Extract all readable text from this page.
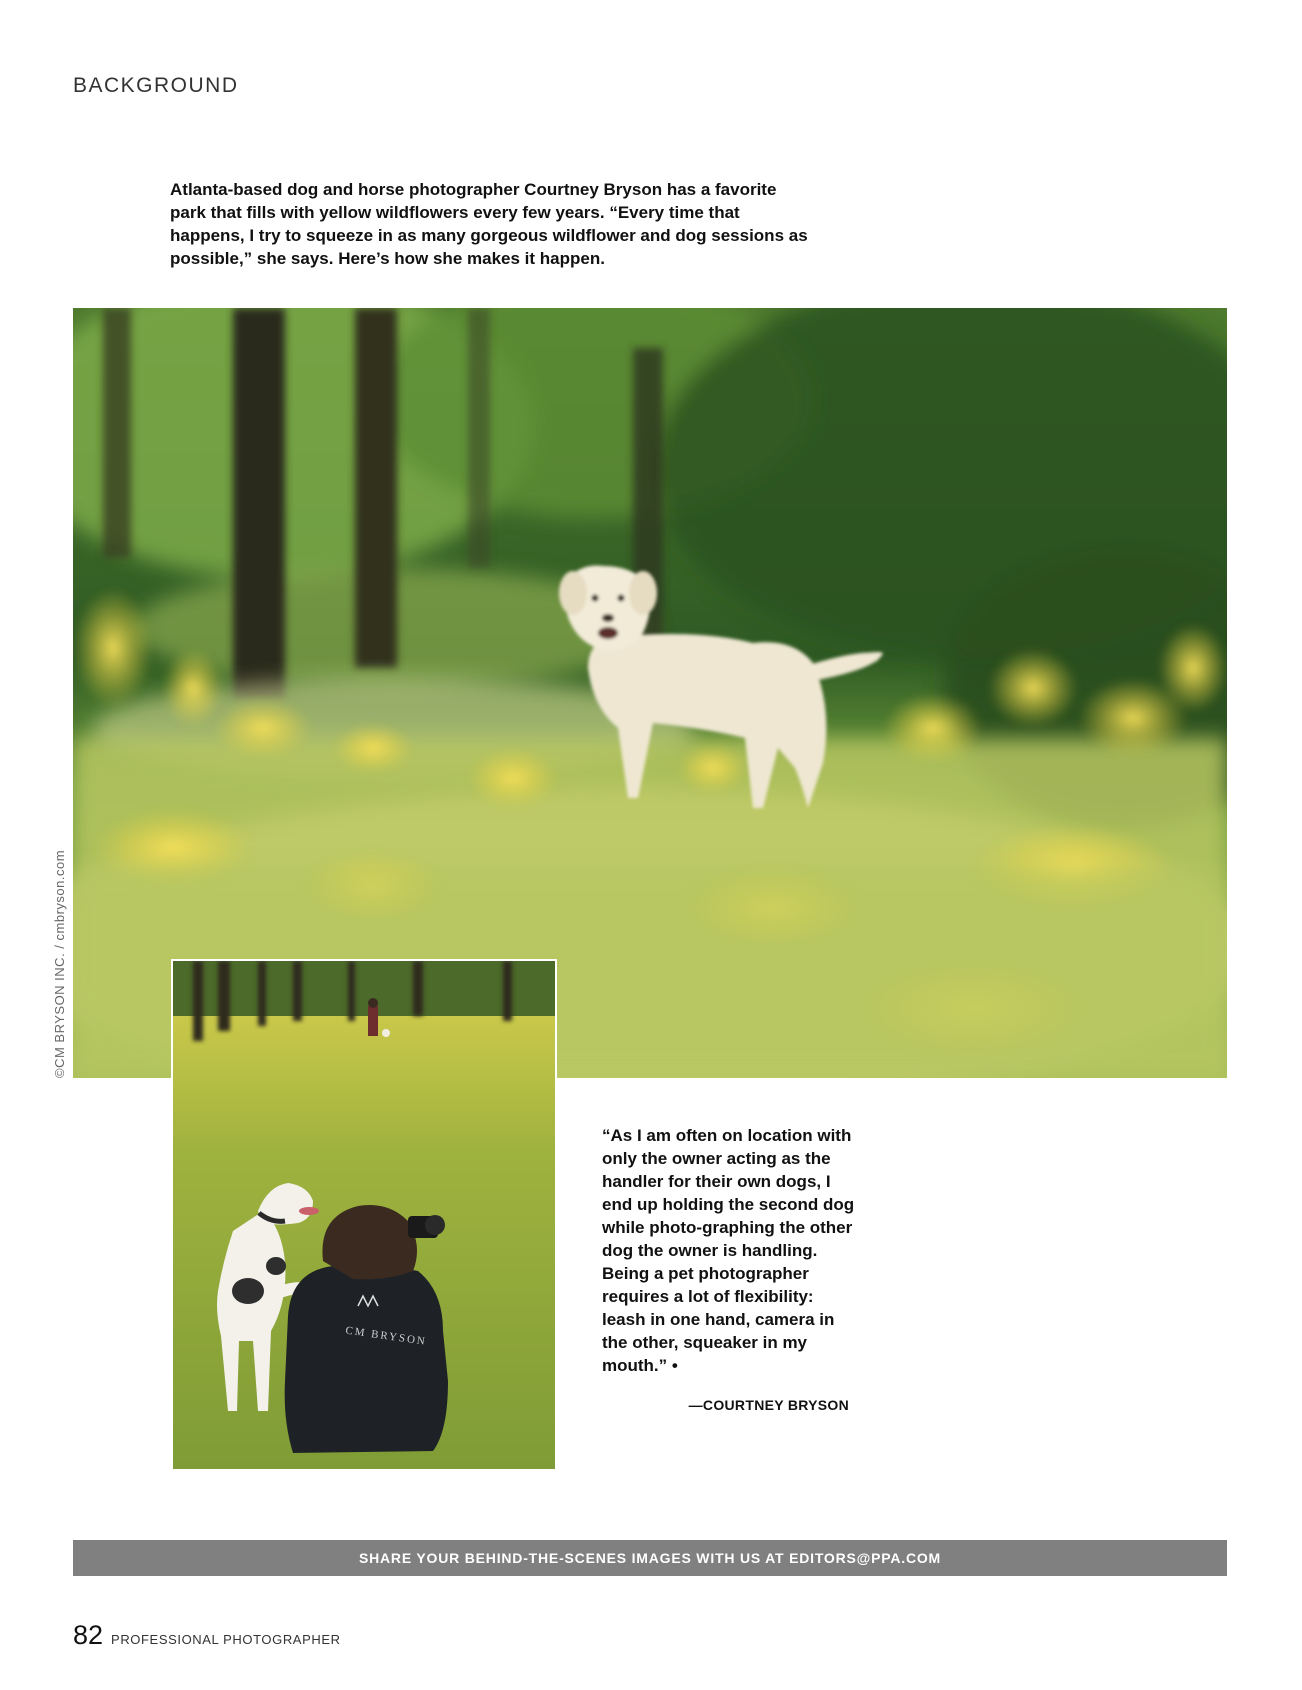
BACKGROUND
Atlanta-based dog and horse photographer Courtney Bryson has a favorite park that fills with yellow wildflowers every few years. “Every time that happens, I try to squeeze in as many gorgeous wildflower and dog sessions as possible,” she says. Here’s how she makes it happen.
©CM BRYSON INC. / cmbryson.com
CM BRYSON
“As I am often on location with only the owner acting as the handler for their own dogs, I end up holding the second dog while photo-graphing the other dog the owner is handling. Being a pet photographer requires a lot of flexibility: leash in one hand, camera in the other, squeaker in my mouth.” •
—COURTNEY BRYSON
SHARE YOUR BEHIND-THE-SCENES IMAGES WITH US AT EDITORS@PPA.COM
82 PROFESSIONAL PHOTOGRAPHER
